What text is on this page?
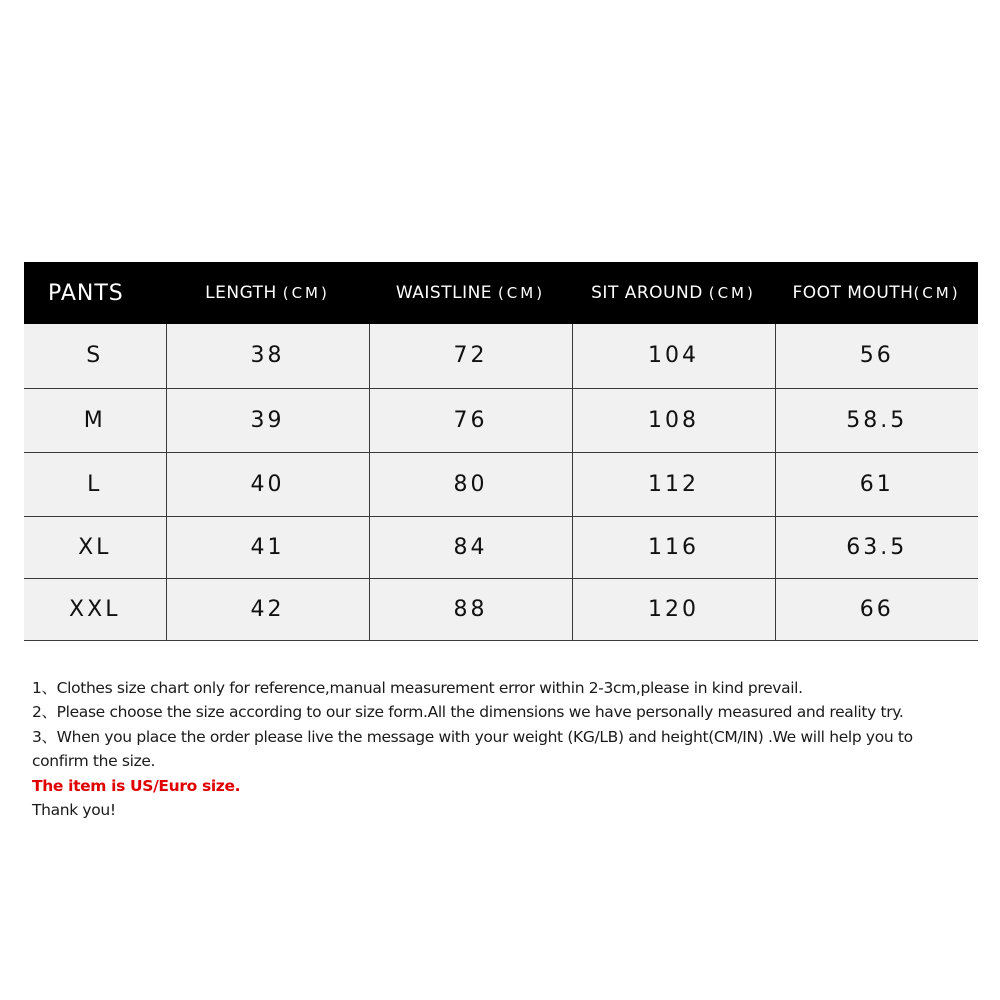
PANTS	LENGTH (CM)	WAISTLINE (CM)	SIT AROUND (CM)	FOOT MOUTH(CM)
S	38	72	104	56
M	39	76	108	58.5
L	40	80	112	61
XL	41	84	116	63.5
XXL	42	88	120	66

1、Clothes size chart only for reference,manual measurement error within 2-3cm,please in kind prevail.

2、Please choose the size according to our size form.All the dimensions we have personally measured and reality try.

3、When you place the order please live the message with your weight (KG/LB) and height(CM/IN) .We will help you to confirm the size.

The item is US/Euro size.

Thank you!
